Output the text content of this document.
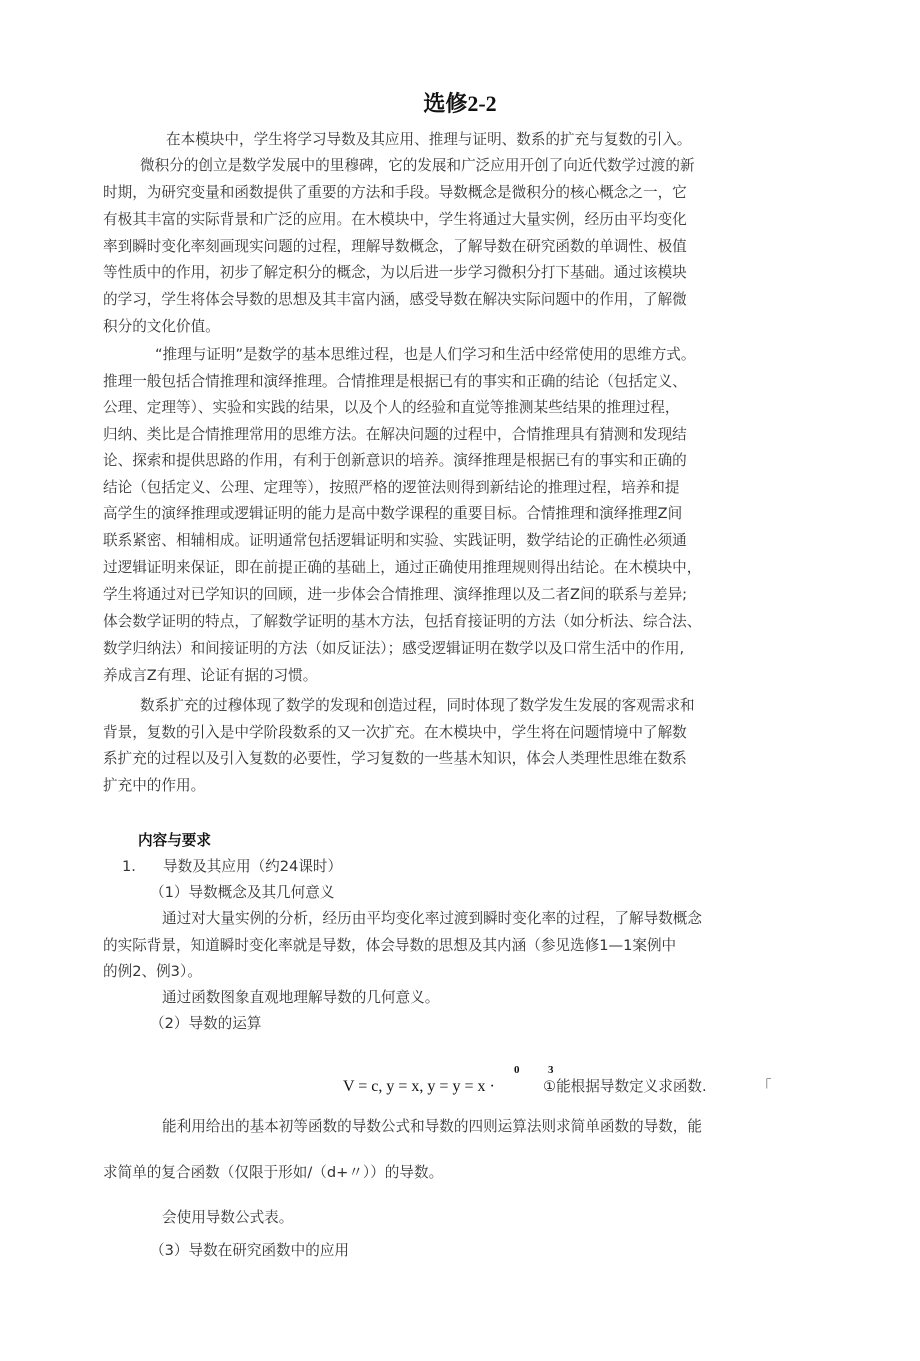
选修2-2
在本模块中，学生将学习导数及其应用、推理与证明、数系的扩充与复数的引入。
微积分的创立是数学发展中的里穆碑，它的发展和广泛应用开创了向近代数学过渡的新
时期，为研究变量和函数提供了重要的方法和手段。导数概念是微积分的核心概念之一，它
有极其丰富的实际背景和广泛的应用。在木模块中，学生将通过大量实例，经历由平均变化
率到瞬时变化率刻画现实问题的过程，理解导数概念，了解导数在研究函数的单调性、极值
等性质中的作用，初步了解定积分的概念，为以后进一步学习微积分打下基础。通过该模块
的学习，学生将体会导数的思想及其丰富内涵，感受导数在解决实际问题中的作用，了解微
积分的文化价值。
“推理与证明”是数学的基本思维过程，也是人们学习和生活中经常使用的思维方式。
推理一般包括合情推理和演绎推理。合情推理是根据已有的事实和正确的结论（包括定义、
公理、定理等）、实验和实践的结果，以及个人的经验和直觉等推测某些结果的推理过程，
归纳、类比是合情推理常用的思维方法。在解决问题的过程中，合情推理具有猜测和发现结
论、探索和提供思路的作用，有利于创新意识的培养。演绎推理是根据已有的事实和正确的
结论（包括定义、公理、定理等），按照严格的逻笹法则得到新结论的推理过程，培养和提
高学生的演绎推理或逻辑证明的能力是高中数学课程的重要目标。合情推理和演绎推理Z间
联系紧密、相辅相成。证明通常包括逻辑证明和实验、实践证明，数学结论的正确性必须通
过逻辑证明来保证，即在前提正确的基础上，通过正确使用推理规则得出结论。在木模块中，
学生将通过对已学知识的回顾，进一步体会合情推理、演绎推理以及二者Z间的联系与差异;
体会数学证明的特点，了解数学证明的基木方法，包括育接证明的方法（如分析法、综合法、
数学归纳法）和间接证明的方法（如反证法）；感受逻辑证明在数学以及口常生活中的作用,
养成言Z有理、论证有据的习惯。
数系扩充的过穆体现了数学的发现和创造过程，同时体现了数学发生发展的客观需求和
背景，复数的引入是中学阶段数系的又一次扩充。在木模块中，学生将在问题情境中了解数
系扩充的过程以及引入复数的必要性，学习复数的一些基木知识，体会人类理性思维在数系
扩充中的作用。
内容与要求
1. 导数及其应用（约24课时）
（1）导数概念及其几何意义
通过对大量实例的分析，经历由平均变化率过渡到瞬时变化率的过程，了解导数概念
的实际背景，知道瞬时变化率就是导数，体会导数的思想及其内涵（参见选修1—1案例中
的例2、例3）。
通过函数图象直观地理解导数的几何意义。
（2）导数的运算
V = c, y = x, y = y = x ·	①能根据导数定义求函数.	「
能利用给出的基本初等函数的导数公式和导数的四则运算法则求简单函数的导数，能
求简单的复合函数（仅限于形如/（d+〃））的导数。
会使用导数公式表。
（3）导数在研究函数中的应用
0	3
